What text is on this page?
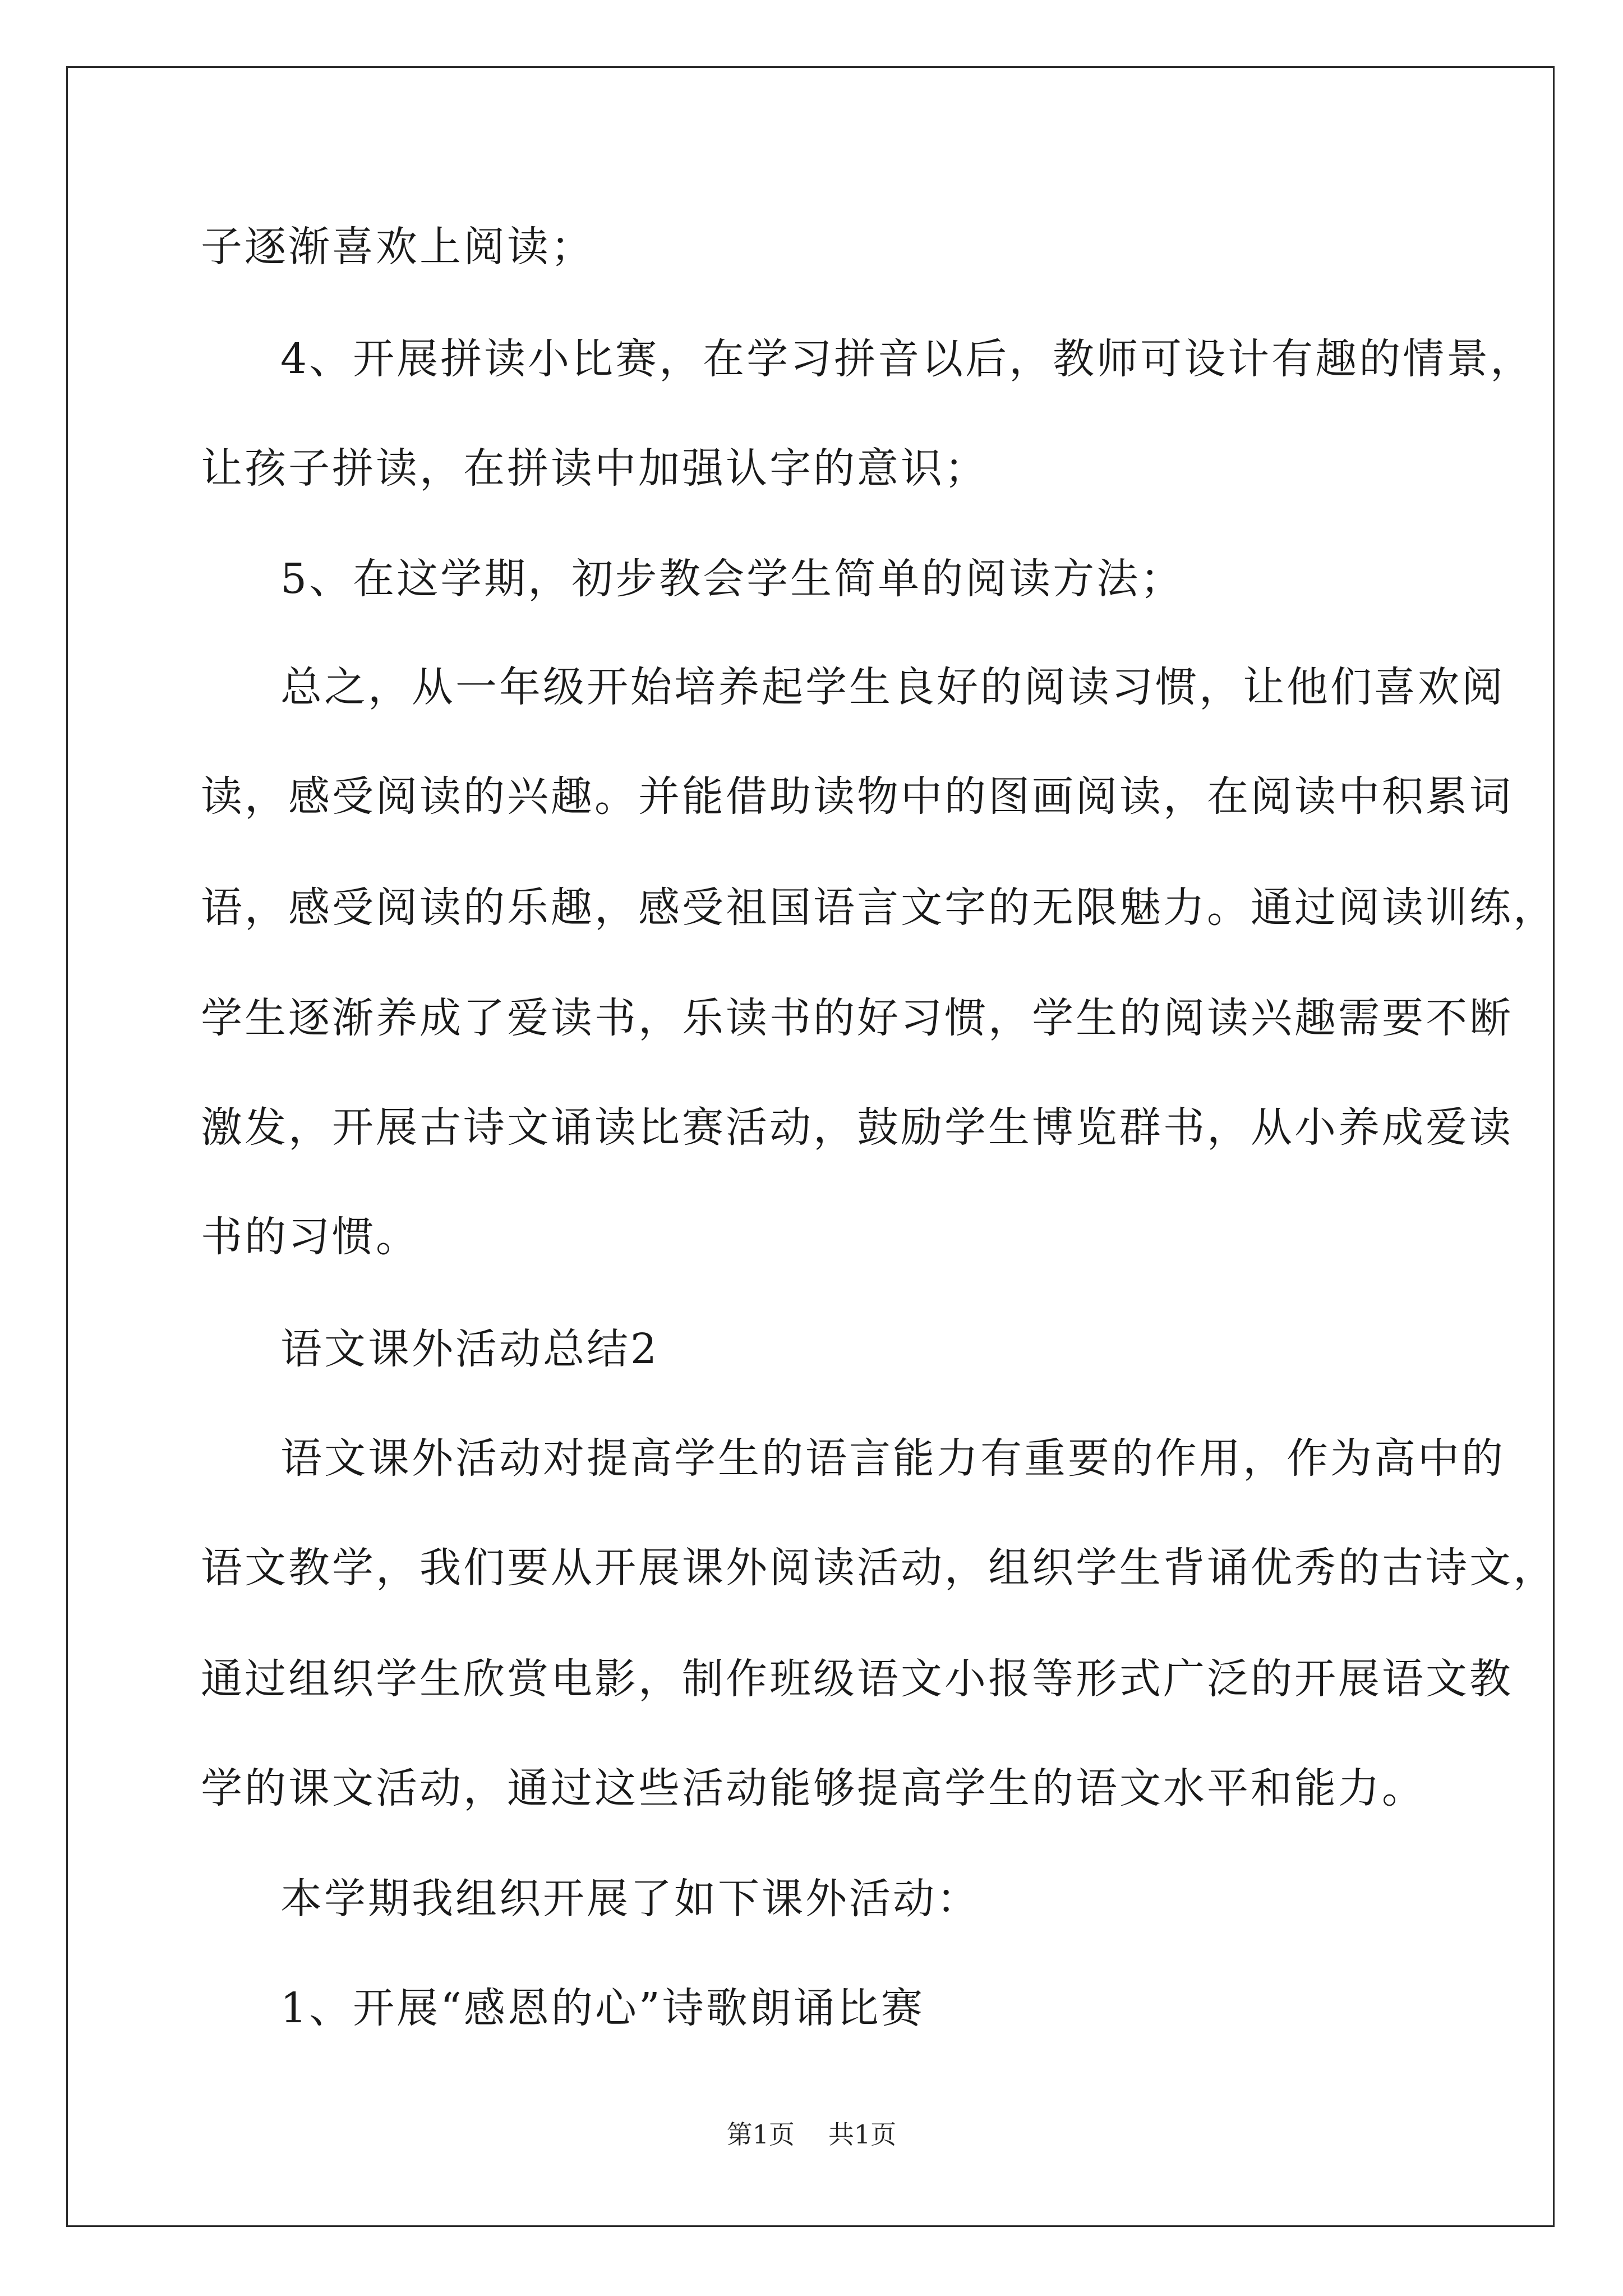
子逐渐喜欢上阅读；
4、开展拼读小比赛，在学习拼音以后，教师可设计有趣的情景，
让孩子拼读，在拼读中加强认字的意识；
5、在这学期，初步教会学生简单的阅读方法；
总之，从一年级开始培养起学生良好的阅读习惯，让他们喜欢阅
读，感受阅读的兴趣。并能借助读物中的图画阅读，在阅读中积累词
语，感受阅读的乐趣，感受祖国语言文字的无限魅力。通过阅读训练，
学生逐渐养成了爱读书，乐读书的好习惯，学生的阅读兴趣需要不断
激发，开展古诗文诵读比赛活动，鼓励学生博览群书，从小养成爱读
书的习惯。
语文课外活动总结2
语文课外活动对提高学生的语言能力有重要的作用，作为高中的
语文教学，我们要从开展课外阅读活动，组织学生背诵优秀的古诗文，
通过组织学生欣赏电影，制作班级语文小报等形式广泛的开展语文教
学的课文活动，通过这些活动能够提高学生的语文水平和能力。
本学期我组织开展了如下课外活动：
1、开展“感恩的心”诗歌朗诵比赛
第1页 共1页
